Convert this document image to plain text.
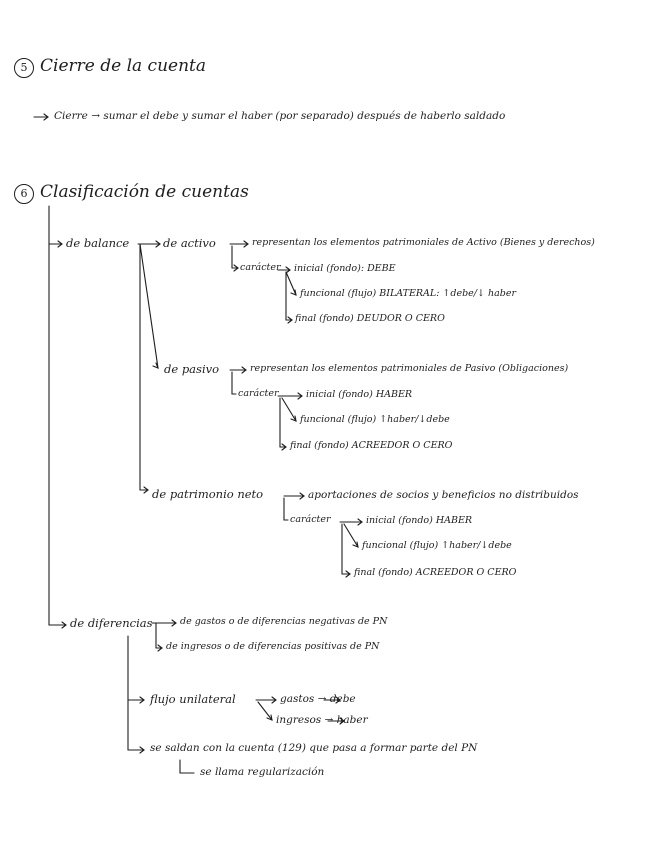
5 Cierre de la cuenta
Cierre → sumar el debe y sumar el haber (por separado) después de haberlo saldado
6 Clasificación de cuentas
de balance	de activo	representan los elementos patrimoniales de Activo (Bienes y derechos)
carácter inicial (fondo): DEBE
funcional (flujo) BILATERAL: ↑debe/↓ haber
final (fondo) DEUDOR O CERO
de pasivo	representan los elementos patrimoniales de Pasivo (Obligaciones)
carácter	inicial (fondo) HABER
funcional (flujo) ↑haber/↓debe
final (fondo) ACREEDOR O CERO
de patrimonio neto	aportaciones de socios y beneficios no distribuidos
carácter	inicial (fondo) HABER
funcional (flujo) ↑haber/↓debe
final (fondo) ACREEDOR O CERO
de diferencias	de gastos o de diferencias negativas de PN
de ingresos o de diferencias positivas de PN
flujo unilateral	gastos → debe
ingresos → haber
se saldan con la cuenta (129) que pasa a formar parte del PN
se llama regularización
